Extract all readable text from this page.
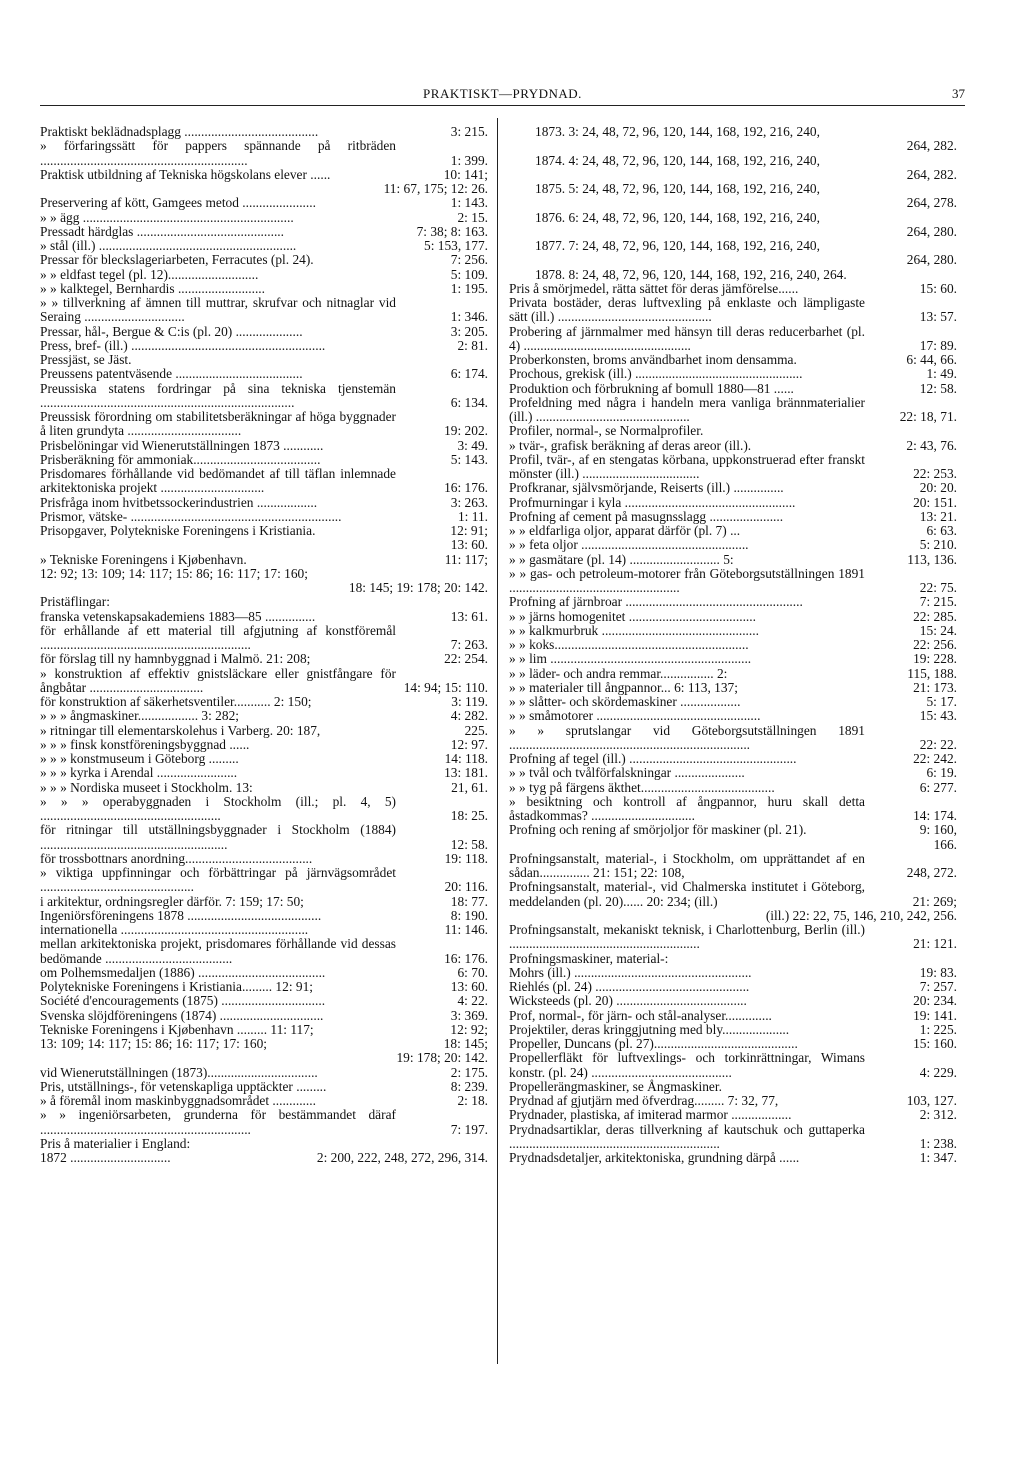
PRAKTISKT—PRYDNAD.	37
Praktiskt beklädnadsplagg ........................................	3: 215.
» förfaringssätt för pappers spännande på ritbräden ..............................................................	1: 399.
Praktisk utbildning af Tekniska högskolans elever ......	10: 141;
11: 67, 175; 12: 26.
Preservering af kött, Gamgees metod ......................	1: 143.
» » ägg ...............................................................	2: 15.
Pressadt härdglas ............................................	7: 38; 8: 163.
» stål (ill.) ...........................................................	5: 153, 177.
Pressar för bleckslageriarbeten, Ferracutes (pl. 24).	7: 256.
» » eldfast tegel (pl. 12)...........................	5: 109.
» » kalktegel, Bernhardis ..........................	1: 195.
» » tillverkning af ämnen till muttrar, skrufvar och nitnaglar vid Seraing ..............................	1: 346.
Pressar, hål-, Bergue & C:is (pl. 20) ....................	3: 205.
Press, bref- (ill.) ..........................................................	2: 81.
Pressjäst, se Jäst.
Preussens patentväsende ......................................	6: 174.
Preussiska statens fordringar på sina tekniska tjenstemän ............................................................................	6: 134.
Preussisk förordning om stabilitetsberäkningar af höga byggnader å liten grundyta ..................................	19: 202.
Prisbelöningar vid Wienerutställningen 1873 ............	3: 49.
Prisberäkning för ammoniak......................................	5: 143.
Prisdomares förhållande vid bedömandet af till täflan inlemnade arkitektoniska projekt ...............................	16: 176.
Prisfråga inom hvitbetssockerindustrien ..................	3: 263.
Prismor, vätske- ...............................................................	1: 11.
Prisopgaver, Polytekniske Foreningens i Kristiania.	12: 91;
13: 60.
» Tekniske Foreningens i Kjøbenhavn.	11: 117;
12: 92; 13: 109; 14: 117; 15: 86; 16: 117; 17: 160;
18: 145; 19: 178; 20: 142.
Pristäflingar:
franska vetenskapsakademiens 1883—85 ...............	13: 61.
för erhållande af ett material till afgjutning af konstföremål ...............................................................	7: 263.
för förslag till ny hamnbyggnad i Malmö. 21: 208;	22: 254.
» konstruktion af effektiv gnistsläckare eller gnistfångare för ångbåtar ..................................	14: 94; 15: 110.
för konstruktion af säkerhetsventiler........... 2: 150;	3: 119.
» » » ångmaskiner.................. 3: 282;	4: 282.
» ritningar till elementarskolehus i Varberg. 20: 187,	225.
» » » finsk konstföreningsbyggnad ......	12: 97.
» » » konstmuseum i Göteborg .........	14: 118.
» » » kyrka i Arendal ........................	13: 181.
» » » Nordiska museet i Stockholm. 13:	21, 61.
» » » operabyggnaden i Stockholm (ill.; pl. 4, 5) ......................................................	18: 25.
för ritningar till utställningsbyggnader i Stockholm (1884) ........................................................	12: 58.
för trossbottnars anordning......................................	19: 118.
» viktiga uppfinningar och förbättringar på järnvägsområdet ..............................................	20: 116.
i arkitektur, ordningsregler därför. 7: 159; 17: 50;	18: 77.
Ingeniörsföreningens 1878 ........................................	8: 190.
internationella ........................................................	11: 146.
mellan arkitektoniska projekt, prisdomares förhållande vid dessas bedömande ......................................	16: 176.
om Polhemsmedaljen (1886) ......................................	6: 70.
Polytekniske Foreningens i Kristiania......... 12: 91;	13: 60.
Société d'encouragements (1875) ...............................	4: 22.
Svenska slöjdföreningens (1874) ...............................	3: 369.
Tekniske Foreningens i Kjøbenhavn ......... 11: 117;	12: 92;
13: 109; 14: 117; 15: 86; 16: 117; 17: 160;	18: 145;
19: 178; 20: 142.
vid Wienerutställningen (1873).................................	2: 175.
Pris, utställnings-, för vetenskapliga upptäckter .........	8: 239.
» å föremål inom maskinbyggnadsområdet .............	2: 18.
» » ingeniörsarbeten, grunderna för bestämmandet däraf ...............................................................	7: 197.
Pris å materialier i England:
1872 ..............................	2: 200, 222, 248, 272, 296, 314.
1873. 3: 24, 48, 72, 96, 120, 144, 168, 192, 216, 240,
264, 282.
1874. 4: 24, 48, 72, 96, 120, 144, 168, 192, 216, 240,
264, 282.
1875. 5: 24, 48, 72, 96, 120, 144, 168, 192, 216, 240,
264, 278.
1876. 6: 24, 48, 72, 96, 120, 144, 168, 192, 216, 240,
264, 280.
1877. 7: 24, 48, 72, 96, 120, 144, 168, 192, 216, 240,
264, 280.
1878. 8: 24, 48, 72, 96, 120, 144, 168, 192, 216, 240, 264.
Pris å smörjmedel, rätta sättet för deras jämförelse......	15: 60.
Privata bostäder, deras luftvexling på enklaste och lämpligaste sätt (ill.) ..............................................	13: 57.
Probering af järnmalmer med hänsyn till deras reducerbarhet (pl. 4) ..................................................	17: 89.
Proberkonsten, broms användbarhet inom densamma.	6: 44, 66.
Prochous, grekisk (ill.) ..................................................	1: 49.
Produktion och förbrukning af bomull 1880—81 ......	12: 58.
Profeldning med några i handeln mera vanliga brännmaterialier (ill.) ..............................................	22: 18, 71.
Profiler, normal-, se Normalprofiler.
» tvär-, grafisk beräkning af deras areor (ill.).	2: 43, 76.
Profil, tvär-, af en stengatas körbana, uppkonstruerad efter franskt mönster (ill.) ...................................	22: 253.
Profkranar, självsmörjande, Reiserts (ill.) ...............	20: 20.
Profmurningar i kyla ...................................................	20: 151.
Profning af cement på masugnsslagg ......................	13: 21.
» » eldfarliga oljor, apparat därför (pl. 7) ...	6: 63.
» » feta oljor ..................................................	5: 210.
» » gasmätare (pl. 14) ........................... 5:	113, 136.
» » gas- och petroleum-motorer från Göteborgsutställningen 1891 ...................................................	22: 75.
Profning af järnbroar .....................................................	7: 215.
» » järns homogenitet ......................................	22: 285.
» » kalkmurbruk ...............................................	15: 24.
» » koks..........................................................	22: 256.
» » lim ............................................................	19: 228.
» » läder- och andra remmar................ 2:	115, 188.
» » materialer till ångpannor... 6: 113, 137;	21: 173.
» » slåtter- och skördemaskiner ..................	5: 17.
» » småmotorer .................................................	15: 43.
» » sprutslangar vid Göteborgsutställningen 1891 ........................................................................	22: 22.
Profning af tegel (ill.) ..................................................	22: 242.
» » tvål och tvålförfalskningar .....................	6: 19.
» » tyg på färgens äkthet........................................	6: 277.
» besiktning och kontroll af ångpannor, huru skall detta åstadkommas? ...............................	14: 174.
Profning och rening af smörjoljor för maskiner (pl. 21).	9: 160,
166.
Profningsanstalt, material-, i Stockholm, om upprättandet af en sådan............... 21: 151; 22: 108,	248, 272.
Profningsanstalt, material-, vid Chalmerska institutet i Göteborg, meddelanden (pl. 20)...... 20: 234; (ill.)	21: 269;
(ill.) 22: 22, 75, 146, 210, 242, 256.
Profningsanstalt, mekaniskt teknisk, i Charlottenburg, Berlin (ill.) .........................................................	21: 121.
Profningsmaskiner, material-:
Mohrs (ill.) .....................................................	19: 83.
Riehlés (pl. 24) ..............................................	7: 257.
Wicksteeds (pl. 20) .......................................	20: 234.
Prof, normal-, för järn- och stål-analyser..............	19: 141.
Projektiler, deras kringgjutning med bly....................	1: 225.
Propeller, Duncans (pl. 27)...........................................	15: 160.
Propellerfläkt för luftvexlings- och torkinrättningar, Wimans konstr. (pl. 24) ..........................................	4: 229.
Propellerängmaskiner, se Ångmaskiner.
Prydnad af gjutjärn med öfverdrag......... 7: 32, 77,	103, 127.
Prydnader, plastiska, af imiterad marmor ..................	2: 312.
Prydnadsartiklar, deras tillverkning af kautschuk och guttaperka ...............................................................	1: 238.
Prydnadsdetaljer, arkitektoniska, grundning därpå ......	1: 347.
